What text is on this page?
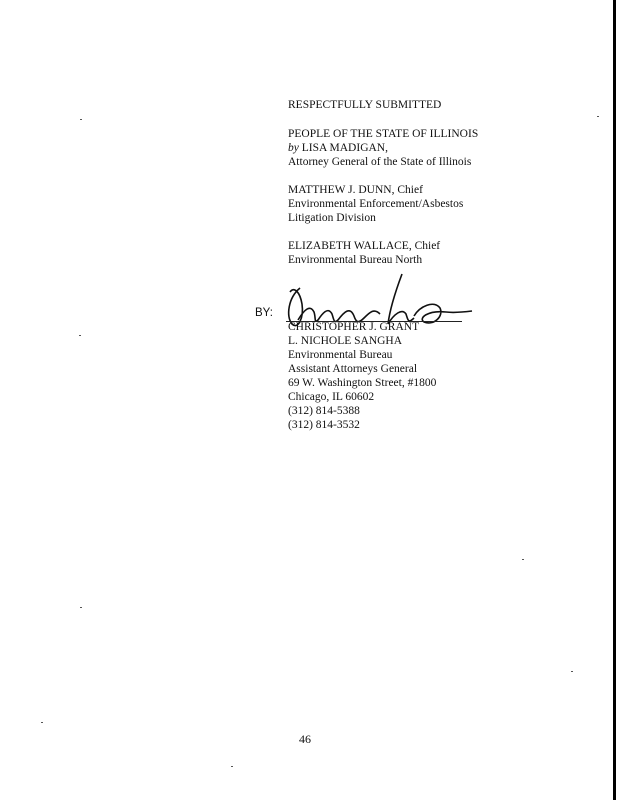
RESPECTFULLY SUBMITTED
PEOPLE OF THE STATE OF ILLINOIS
by LISA MADIGAN,
Attorney General of the State of Illinois
MATTHEW J. DUNN, Chief
Environmental Enforcement/Asbestos
Litigation Division
ELIZABETH WALLACE, Chief
Environmental Bureau North
BY:
CHRISTOPHER J. GRANT
L. NICHOLE SANGHA
Environmental Bureau
Assistant Attorneys General
69 W. Washington Street, #1800
Chicago, IL 60602
(312) 814-5388
(312) 814-3532
46
